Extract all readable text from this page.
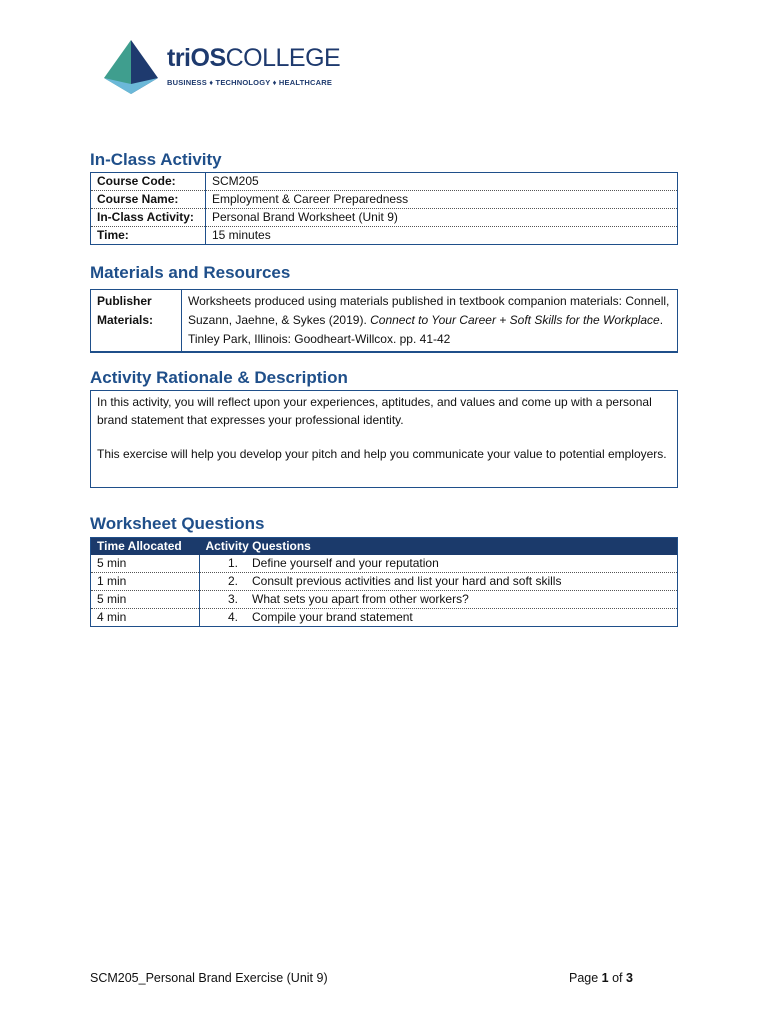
triOSCOLLEGE
BUSINESS ♦ TECHNOLOGY ♦ HEALTHCARE
In-Class Activity
Course Code:	SCM205
Course Name:	Employment & Career Preparedness
In-Class Activity:	Personal Brand Worksheet (Unit 9)
Time:	15 minutes
Materials and Resources
Publisher Materials:	Worksheets produced using materials published in textbook companion materials: Connell, Suzann, Jaehne, & Sykes (2019). Connect to Your Career + Soft Skills for the Workplace. Tinley Park, Illinois: Goodheart-Willcox. pp. 41-42
Activity Rationale & Description

In this activity, you will reflect upon your experiences, aptitudes, and values and come up with a personal brand statement that expresses your professional identity.

This exercise will help you develop your pitch and help you communicate your value to potential employers.

Worksheet Questions
Time Allocated	Activity Questions
5 min	1. Define yourself and your reputation
1 min	2. Consult previous activities and list your hard and soft skills
5 min	3. What sets you apart from other workers?
4 min	4. Compile your brand statement
SCM205_Personal Brand Exercise (Unit 9)	Page 1 of 3
